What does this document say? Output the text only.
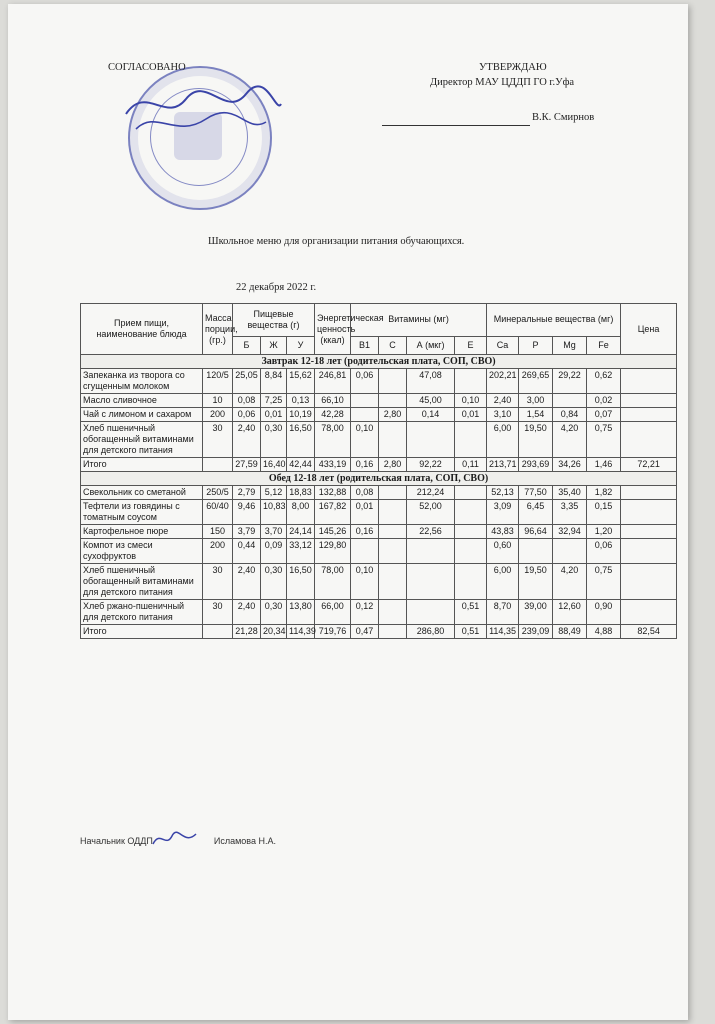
СОГЛАСОВАНО	УТВЕРЖДАЮ
Директор МАУ ЦДДП ГО г.Уфа
В.К. Смирнов
Школьное меню для организации питания обучающихся.
22 декабря 2022 г.
Прием пищи, наименование блюда	Масса порции, (гр.)	Пищевые вещества (г)			Энергетическая ценность (ккал)	Витамины (мг)				Минеральные вещества (мг)				Цена
		Б	Ж	У		В1	С	А (мкг)	Е	Ca	P	Mg	Fe	
Завтрак 12-18 лет (родительская плата, СОП, СВО)														
Запеканка из творога со сгущенным молоком	120/5	25,05	8,84	15,62	246,81	0,06		47,08		202,21	269,65	29,22	0,62	
Масло сливочное	10	0,08	7,25	0,13	66,10			45,00	0,10	2,40	3,00		0,02	
Чай с лимоном и сахаром	200	0,06	0,01	10,19	42,28		2,80	0,14	0,01	3,10	1,54	0,84	0,07	
Хлеб пшеничный обогащенный витаминами для детского питания	30	2,40	0,30	16,50	78,00	0,10				6,00	19,50	4,20	0,75	
Итого		27,59	16,40	42,44	433,19	0,16	2,80	92,22	0,11	213,71	293,69	34,26	1,46	72,21
Обед 12-18 лет (родительская плата, СОП, СВО)														
Свекольник со сметаной	250/5	2,79	5,12	18,83	132,88	0,08		212,24		52,13	77,50	35,40	1,82	
Тефтели из говядины с томатным соусом	60/40	9,46	10,83	8,00	167,82	0,01		52,00		3,09	6,45	3,35	0,15	
Картофельное пюре	150	3,79	3,70	24,14	145,26	0,16		22,56		43,83	96,64	32,94	1,20	
Компот из смеси сухофруктов	200	0,44	0,09	33,12	129,80					0,60			0,06	
Хлеб пшеничный обогащенный витаминами для детского питания	30	2,40	0,30	16,50	78,00	0,10				6,00	19,50	4,20	0,75	
Хлеб ржано-пшеничный для детского питания	30	2,40	0,30	13,80	66,00	0,12			0,51	8,70	39,00	12,60	0,90	
Итого		21,28	20,34	114,39	719,76	0,47		286,80	0,51	114,35	239,09	88,49	4,88	82,54
Начальник ОДДП	Исламова Н.А.
